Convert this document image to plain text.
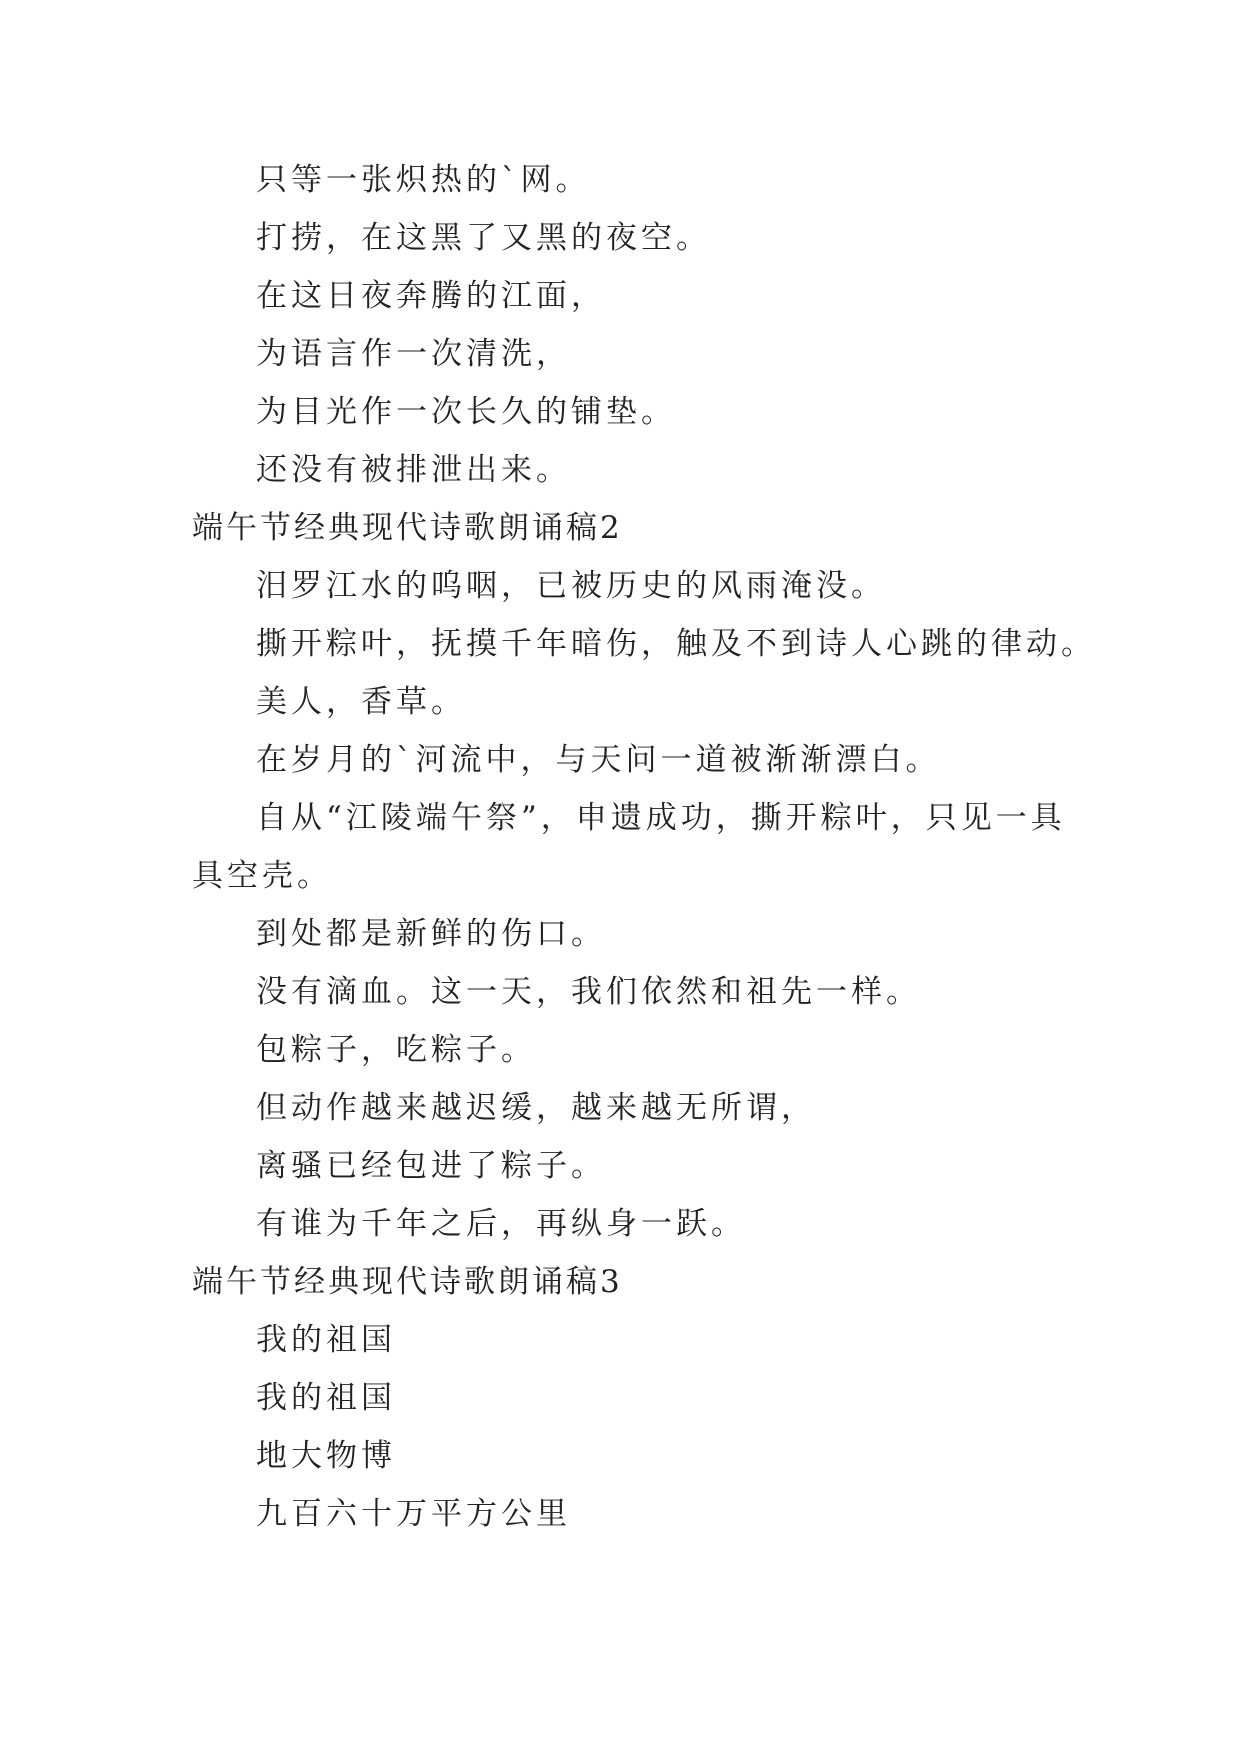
只等一张炽热的`网。
打捞，在这黑了又黑的夜空。
在这日夜奔腾的江面，
为语言作一次清洗，
为目光作一次长久的铺垫。
还没有被排泄出来。
端午节经典现代诗歌朗诵稿2
汨罗江水的呜咽，已被历史的风雨淹没。
撕开粽叶，抚摸千年暗伤，触及不到诗人心跳的律动。
美人，香草。
在岁月的`河流中，与天问一道被渐渐漂白。
自从“江陵端午祭”，申遗成功，撕开粽叶，只见一具
具空壳。
到处都是新鲜的伤口。
没有滴血。这一天，我们依然和祖先一样。
包粽子，吃粽子。
但动作越来越迟缓，越来越无所谓，
离骚已经包进了粽子。
有谁为千年之后，再纵身一跃。
端午节经典现代诗歌朗诵稿3
我的祖国
我的祖国
地大物博
九百六十万平方公里
